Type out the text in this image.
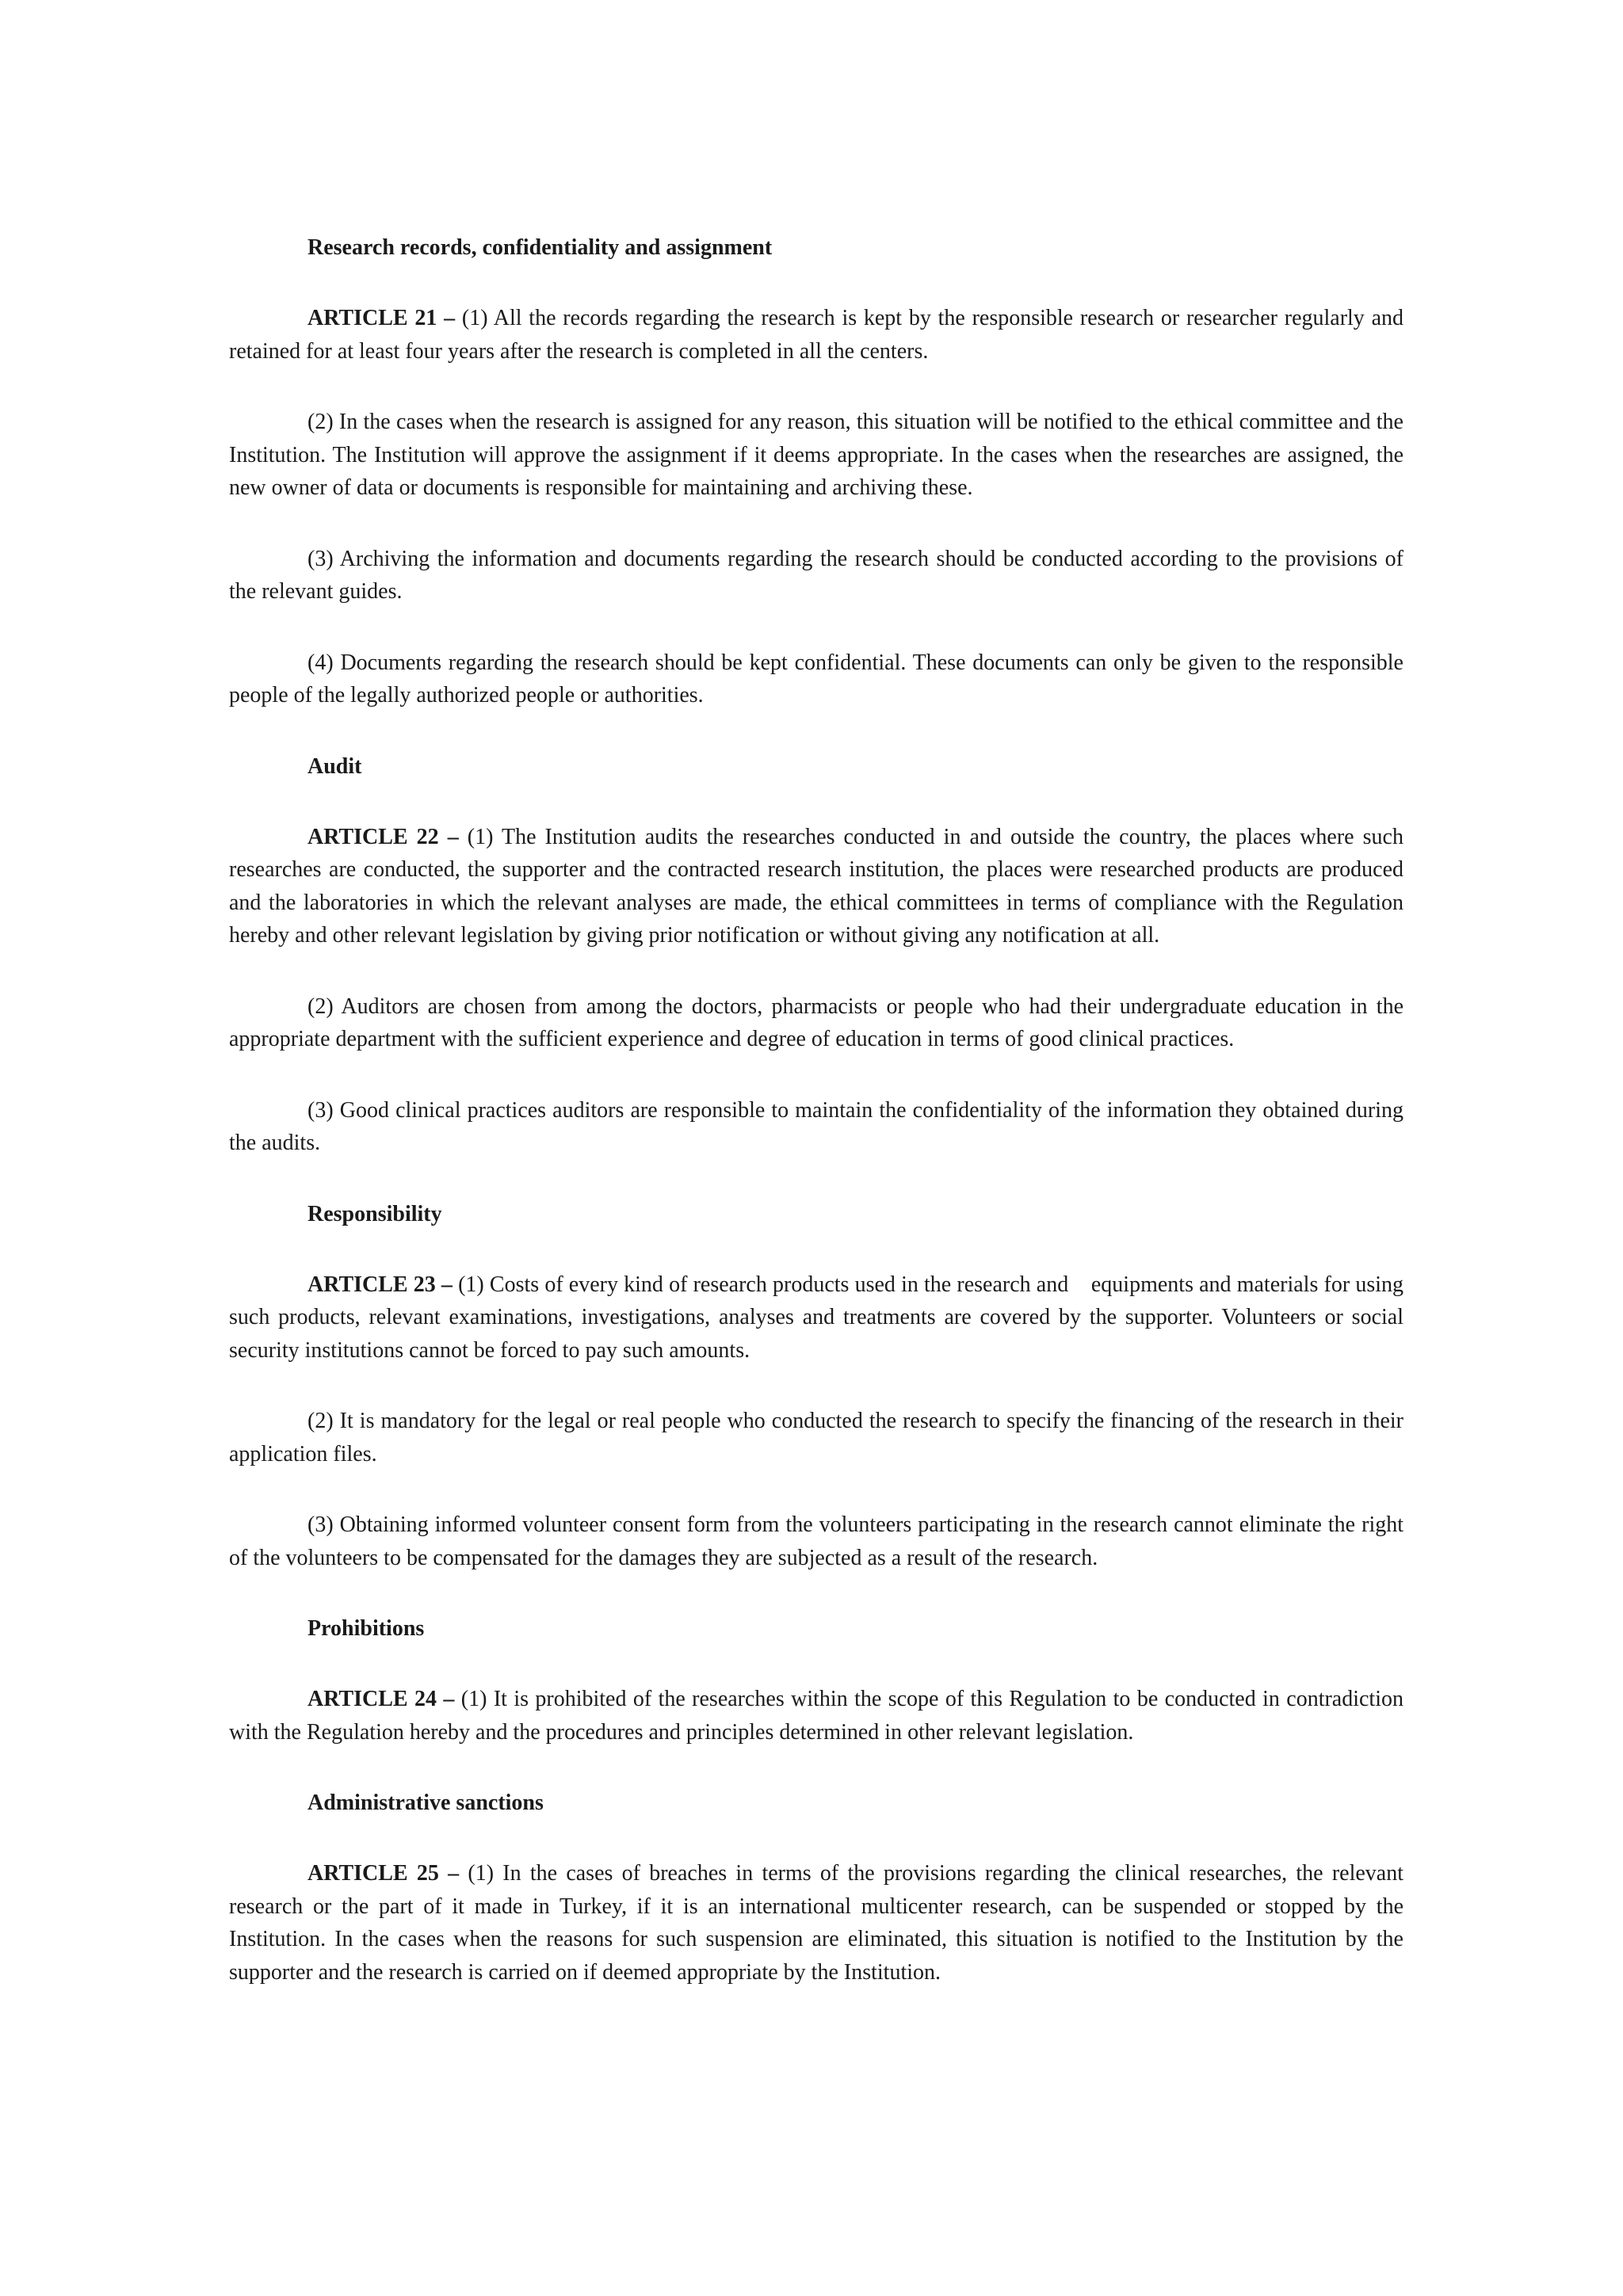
Research records, confidentiality and assignment

ARTICLE 21 – (1) All the records regarding the research is kept by the responsible research or researcher regularly and retained for at least four years after the research is completed in all the centers.

(2) In the cases when the research is assigned for any reason, this situation will be notified to the ethical committee and the Institution. The Institution will approve the assignment if it deems appropriate. In the cases when the researches are assigned, the new owner of data or documents is responsible for maintaining and archiving these.

(3) Archiving the information and documents regarding the research should be conducted according to the provisions of the relevant guides.

(4) Documents regarding the research should be kept confidential. These documents can only be given to the responsible people of the legally authorized people or authorities.

Audit

ARTICLE 22 – (1) The Institution audits the researches conducted in and outside the country, the places where such researches are conducted, the supporter and the contracted research institution, the places were researched products are produced and the laboratories in which the relevant analyses are made, the ethical committees in terms of compliance with the Regulation hereby and other relevant legislation by giving prior notification or without giving any notification at all.

(2) Auditors are chosen from among the doctors, pharmacists or people who had their undergraduate education in the appropriate department with the sufficient experience and degree of education in terms of good clinical practices.

(3) Good clinical practices auditors are responsible to maintain the confidentiality of the information they obtained during the audits.

Responsibility

ARTICLE 23 – (1) Costs of every kind of research products used in the research and    equipments and materials for using such products, relevant examinations, investigations, analyses and treatments are covered by the supporter. Volunteers or social security institutions cannot be forced to pay such amounts.

(2) It is mandatory for the legal or real people who conducted the research to specify the financing of the research in their application files.

(3) Obtaining informed volunteer consent form from the volunteers participating in the research cannot eliminate the right of the volunteers to be compensated for the damages they are subjected as a result of the research.

Prohibitions

ARTICLE 24 – (1) It is prohibited of the researches within the scope of this Regulation to be conducted in contradiction with the Regulation hereby and the procedures and principles determined in other relevant legislation.

Administrative sanctions

ARTICLE 25 – (1) In the cases of breaches in terms of the provisions regarding the clinical researches, the relevant research or the part of it made in Turkey, if it is an international multicenter research, can be suspended or stopped by the Institution. In the cases when the reasons for such suspension are eliminated, this situation is notified to the Institution by the supporter and the research is carried on if deemed appropriate by the Institution.
